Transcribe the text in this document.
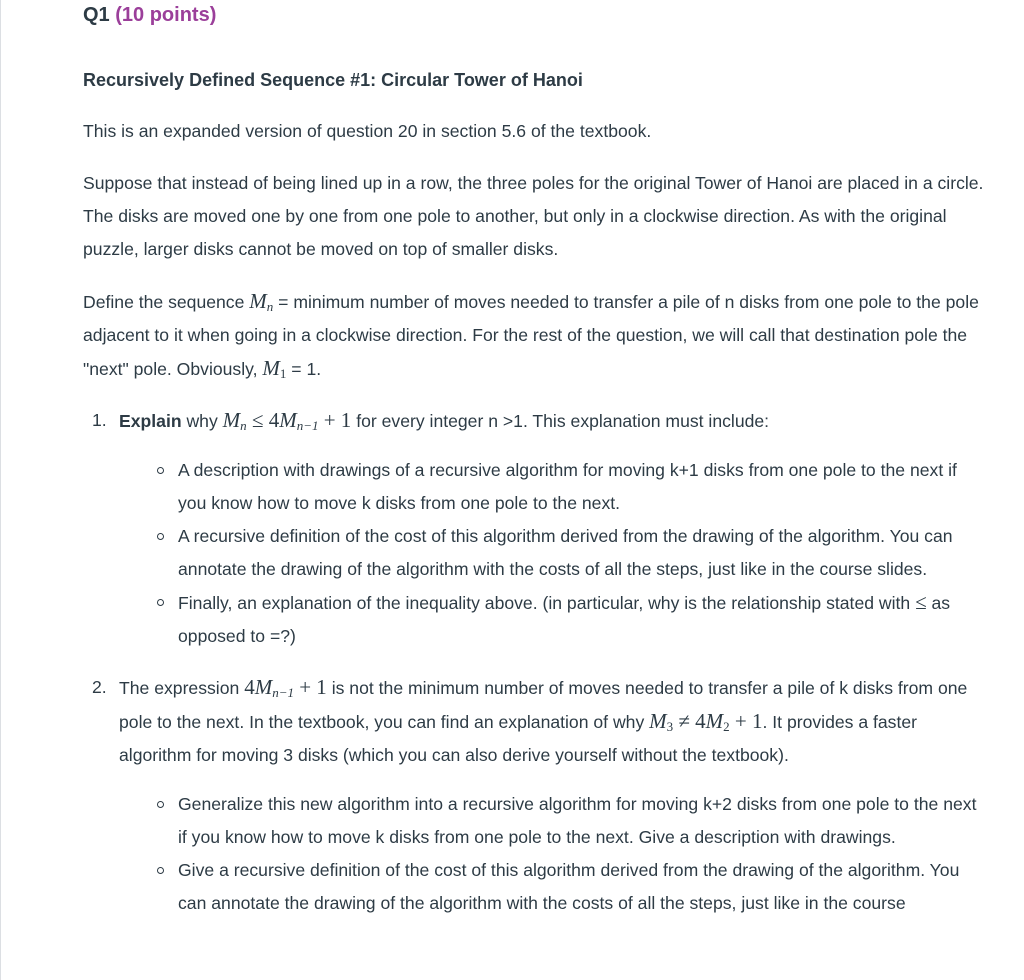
Q1 (10 points)
Recursively Defined Sequence #1: Circular Tower of Hanoi

This is an expanded version of question 20 in section 5.6 of the textbook.

Suppose that instead of being lined up in a row, the three poles for the original Tower of Hanoi are placed in a circle. The disks are moved one by one from one pole to another, but only in a clockwise direction. As with the original puzzle, larger disks cannot be moved on top of smaller disks.

Define the sequence $M_n$ = minimum number of moves needed to transfer a pile of n disks from one pole to the pole adjacent to it when going in a clockwise direction. For the rest of the question, we will call that destination pole the "next" pole. Obviously, $M_1 = 1$.

1. Explain why $M_n \le 4M_{n-1} + 1$ for every integer n >1. This explanation must include:
A description with drawings of a recursive algorithm for moving k+1 disks from one pole to the next if you know how to move k disks from one pole to the next.
A recursive definition of the cost of this algorithm derived from the drawing of the algorithm. You can annotate the drawing of the algorithm with the costs of all the steps, just like in the course slides.
Finally, an explanation of the inequality above. (in particular, why is the relationship stated with ≤ as opposed to =?)
2. The expression $4M_{n-1} + 1$ is not the minimum number of moves needed to transfer a pile of k disks from one pole to the next. In the textbook, you can find an explanation of why $M_3 \ne 4M_2 + 1$. It provides a faster algorithm for moving 3 disks (which you can also derive yourself without the textbook).
Generalize this new algorithm into a recursive algorithm for moving k+2 disks from one pole to the next if you know how to move k disks from one pole to the next. Give a description with drawings.
Give a recursive definition of the cost of this algorithm derived from the drawing of the algorithm. You can annotate the drawing of the algorithm with the costs of all the steps, just like in the course
